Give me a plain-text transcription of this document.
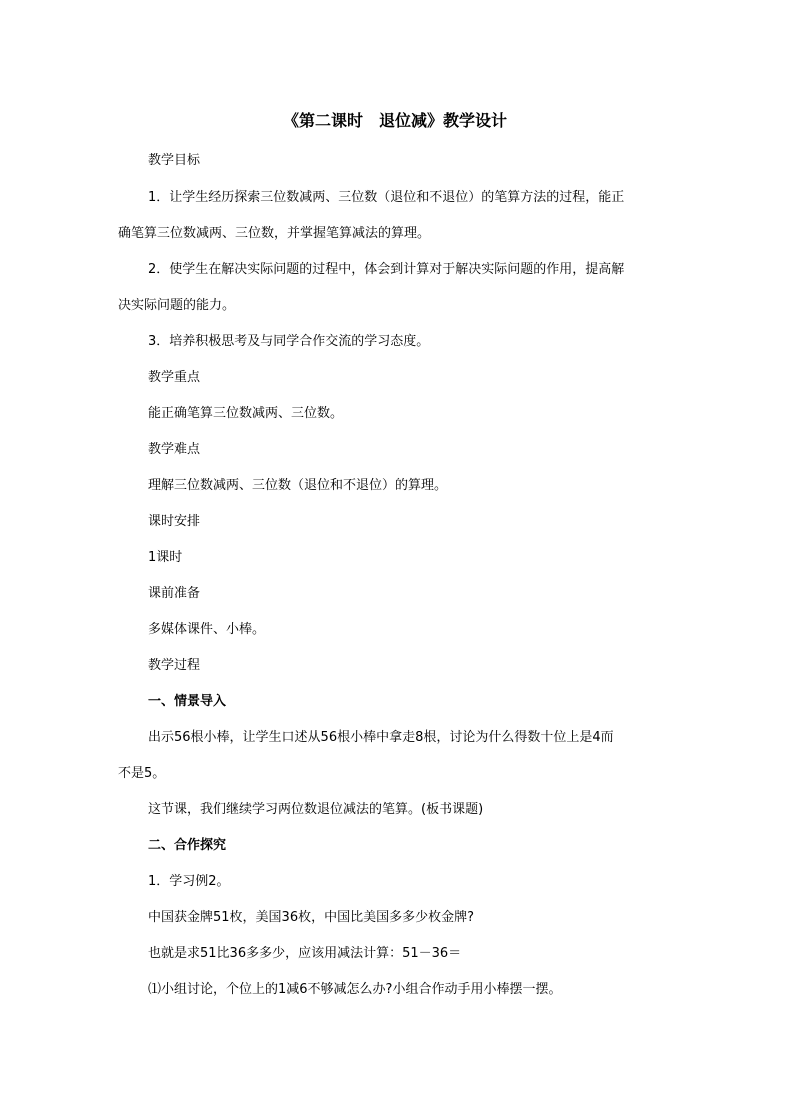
《第二课时　退位减》教学设计
教学目标
1．让学生经历探索三位数减两、三位数（退位和不退位）的笔算方法的过程，能正
确笔算三位数减两、三位数，并掌握笔算减法的算理。
2．使学生在解决实际问题的过程中，体会到计算对于解决实际问题的作用，提高解
决实际问题的能力。
3．培养积极思考及与同学合作交流的学习态度。
教学重点
能正确笔算三位数减两、三位数。
教学难点
理解三位数减两、三位数（退位和不退位）的算理。
课时安排
1课时
课前准备
多媒体课件、小棒。
教学过程
一、情景导入
出示56根小棒，让学生口述从56根小棒中拿走8根，讨论为什么得数十位上是4而
不是5。
这节课，我们继续学习两位数退位减法的笔算。(板书课题)
二、合作探究
1．学习例2。
中国获金牌51枚，美国36枚，中国比美国多多少枚金牌?
也就是求51比36多多少，应该用减法计算：51－36＝
⑴小组讨论，个位上的1减6不够减怎么办?小组合作动手用小棒摆一摆。
